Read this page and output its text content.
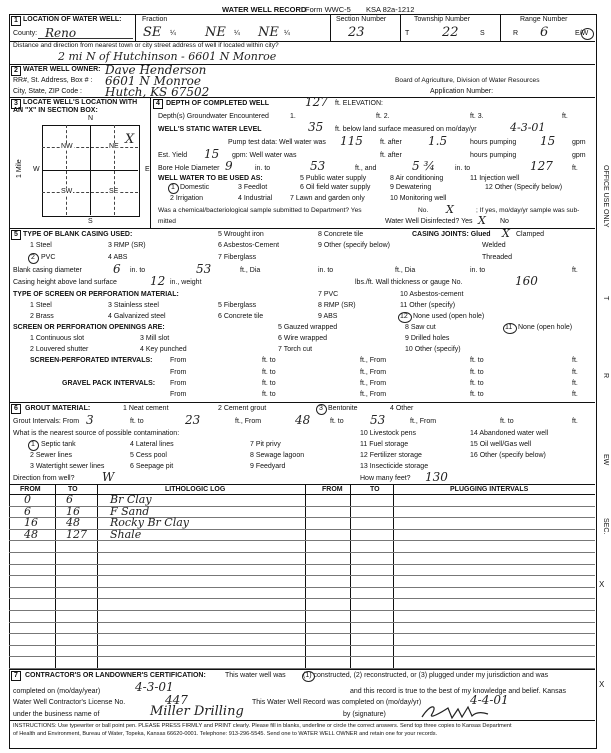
WATER WELL RECORD
Form WWC-5 KSA 82a-1212
1 LOCATION OF WATER WELL:
County: Reno
Fraction
SE ¼ NE ¼ NE ¼
Section Number
23
Township Number
T	22	S
Range Number
R 6	E/W
Distance and direction from nearest town or city street address of well if located within city?
2 mi N of Hutchinson - 6601 N Monroe
2 WATER WELL OWNER: Dave Henderson
RR#, St. Address, Box # : 6601 N Monroe	Board of Agriculture, Division of Water Resources
City, State, ZIP Code : Hutch, KS 67502	Application Number:
3 LOCATE WELL'S LOCATION WITH
AN "X" IN SECTION BOX:
N
S
W	E
1 Mile
NW	NE
SW	SE
X
4 DEPTH OF COMPLETED WELL	127 ft. ELEVATION:
Depth(s) Groundwater Encountered	1.	ft. 2.	ft. 3.	ft.
WELL'S STATIC WATER LEVEL	35 ft. below land surface measured on mo/day/yr	4-3-01
Pump test data: Well water was 115 ft. after 1.5	hours pumping 15 gpm
Est. Yield 15 gpm: Well water was	ft. after	hours pumping	gpm
Bore Hole Diameter 9	in. to	53	ft., and	5 ¾	in. to	127	ft.
WELL WATER TO BE USED AS:
1 Domestic	3 Feedlot
5 Public water supply	8 Air conditioning	11 Injection well
6 Oil field water supply	9 Dewatering	12 Other (Specify below)
2 Irrigation	4 Industrial	7 Lawn and garden only	10 Monitoring well
Was a chemical/bacteriological sample submitted to Department? Yes	No. X	; If yes, mo/day/yr sample was sub-
mitted	Water Well Disinfected? Yes X No
5 TYPE OF BLANK CASING USED:
1 Steel	3 RMP (SR)
5 Wrought iron	8 Concrete tile	CASING JOINTS: Glued X Clamped
6 Asbestos-Cement	9 Other (specify below)	Welded
2 PVC	4 ABS	7 Fiberglass	Threaded
Blank casing diameter	6 in. to	53	ft., Dia	in. to	ft., Dia	in. to	ft.
Casing height above land surface	12 in., weight	lbs./ft. Wall thickness or gauge No.	160
TYPE OF SCREEN OR PERFORATION MATERIAL:
1 Steel	3 Stainless steel	5 Fiberglass
7 PVC	10 Asbestos-cement
8 RMP (SR)	11 Other (specify)
2 Brass	4 Galvanized steel	6 Concrete tile	9 ABS	12 None used (open hole)
SCREEN OR PERFORATION OPENINGS ARE:	5 Gauzed wrapped	8 Saw cut	11 None (open hole)
1 Continuous slot	3 Mill slot	6 Wire wrapped	9 Drilled holes
2 Louvered shutter	4 Key punched	7 Torch cut	10 Other (specify)
SCREEN-PERFORATED INTERVALS:
GRAVEL PACK INTERVALS:
From	ft. to	ft., From	ft. to	ft.
From	ft. to	ft., From	ft. to	ft.
From	ft. to	ft., From	ft. to	ft.
From	ft. to	ft., From	ft. to	ft.
6	GROUT MATERIAL:	1 Neat cement	2 Cement grout	3 Bentonite	4 Other
Grout Intervals: From 3	ft. to	23	ft., From	48	ft. to 53	ft., From	ft. to	ft.
What is the nearest source of possible contamination:
1 Septic tank	4 Lateral lines	7 Pit privy
10 Livestock pens	14 Abandoned water well
2 Sewer lines	5 Cess pool	8 Sewage lagoon
11 Fuel storage	15 Oil well/Gas well
3 Watertight sewer lines	6 Seepage pit	9 Feedyard
12 Fertilizer storage	16 Other (specify below)
13 Insecticide storage
Direction from well? W	How many feet? 130
FROM	TO	LITHOLOGIC LOG	FROM	TO	PLUGGING INTERVALS
0	6	Br Clay
6	16	F Sand
16	48	Rocky Br Clay
48	127 Shale
7	CONTRACTOR'S OR LANDOWNER'S CERTIFICATION:	This water well was (1) constructed, (2) reconstructed, or (3) plugged under my jurisdiction and was
completed on (mo/day/year)	4-3-01	and this record is true to the best of my knowledge and belief. Kansas
Water Well Contractor's License No.	447	This Water Well Record was completed on (mo/day/yr)	4-4-01
under the business name of	Miller Drilling	by (signature)
INSTRUCTIONS: Use typewriter or ball point pen. PLEASE PRESS FIRMLY and PRINT clearly. Please fill in blanks, underline or circle the correct answers. Send top three copies to Kansas Department
of Health and Environment, Bureau of Water, Topeka, Kansas 66620-0001. Telephone: 913-296-5545. Send one to WATER WELL OWNER and retain one for your records.
OFFICE USE ONLY
T
R
EW
SEC.
X
X
